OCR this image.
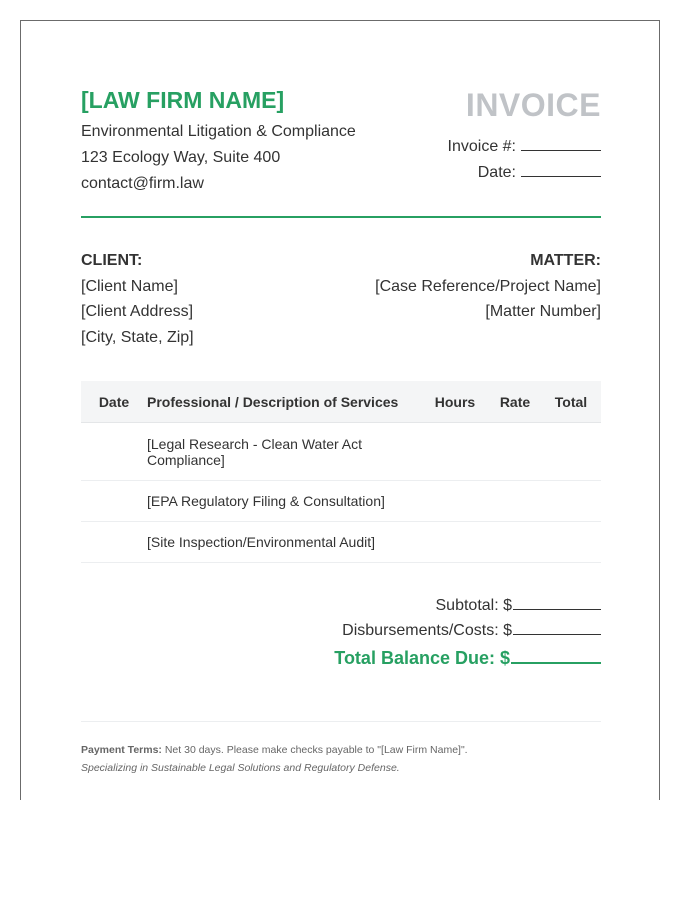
[LAW FIRM NAME]
Environmental Litigation & Compliance
123 Ecology Way, Suite 400
contact@firm.law
INVOICE
Invoice #:
Date:
CLIENT:
[Client Name]
[Client Address]
[City, State, Zip]
MATTER:
[Case Reference/Project Name]
[Matter Number]
Date	Professional / Description of Services	Hours	Rate	Total
	[Legal Research - Clean Water Act Compliance]			
	[EPA Regulatory Filing & Consultation]			
	[Site Inspection/Environmental Audit]			
Subtotal: $
Disbursements/Costs: $
Total Balance Due: $
Payment Terms: Net 30 days. Please make checks payable to "[Law Firm Name]".
Specializing in Sustainable Legal Solutions and Regulatory Defense.
